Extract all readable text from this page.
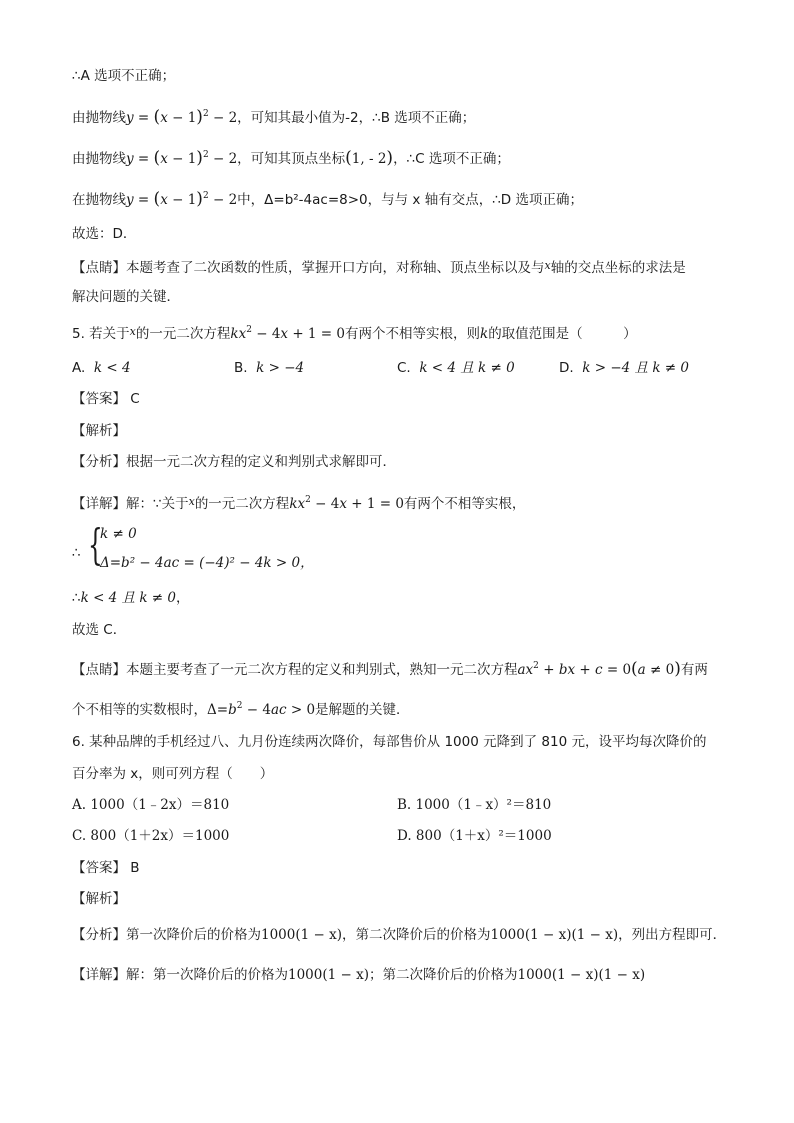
∴A 选项不正确；
由抛物线$y = (x - 1)^2 - 2$，可知其最小值为-2，∴B 选项不正确；
由抛物线$y = (x - 1)^2 - 2$，可知其顶点坐标(1, - 2)，∴C 选项不正确；
在抛物线$y = (x - 1)^2 - 2$中，Δ=b²-4ac=8>0，与与 x 轴有交点，∴D 选项正确；
故选：D．
【点睛】本题考查了二次函数的性质，掌握开口方向，对称轴、顶点坐标以及与$^x$轴的交点坐标的求法是
解决问题的关键．
5. 若关于$^x$的一元二次方程$kx^2 - 4x + 1 = 0$有两个不相等实根，则k的取值范围是（　　　）
A. k < 4	B. k > −4	C. k < 4 且 k ≠ 0	D. k > −4 且 k ≠ 0
【答案】 C
【解析】
【分析】根据一元二次方程的定义和判别式求解即可．
【详解】解：∵关于$^x$的一元二次方程$kx^2 - 4x + 1 = 0$有两个不相等实根，
∴ {
k ≠ 0
Δ=b² − 4ac = (−4)² − 4k > 0，
∴k < 4 且 k ≠ 0，
故选 C．
【点睛】本题主要考查了一元二次方程的定义和判别式，熟知一元二次方程$ax^2$ + bx + c = 0(a ≠ 0)有两
个不相等的实数根时，$\Delta=b^2 - 4ac > 0$是解题的关键．
6. 某种品牌的手机经过八、九月份连续两次降价，每部售价从 1000 元降到了 810 元，设平均每次降价的
百分率为 x，则可列方程（　　）
A. 1000（1﹣2x）＝810	B. 1000（1﹣x）²＝810
C. 800（1＋2x）＝1000	D. 800（1＋x）²＝1000
【答案】 B
【解析】
【分析】第一次降价后的价格为1000(1 − x)，第二次降价后的价格为1000(1 − x)(1 − x)，列出方程即可．
【详解】解：第一次降价后的价格为1000(1 − x)；第二次降价后的价格为1000(1 − x)(1 − x)
